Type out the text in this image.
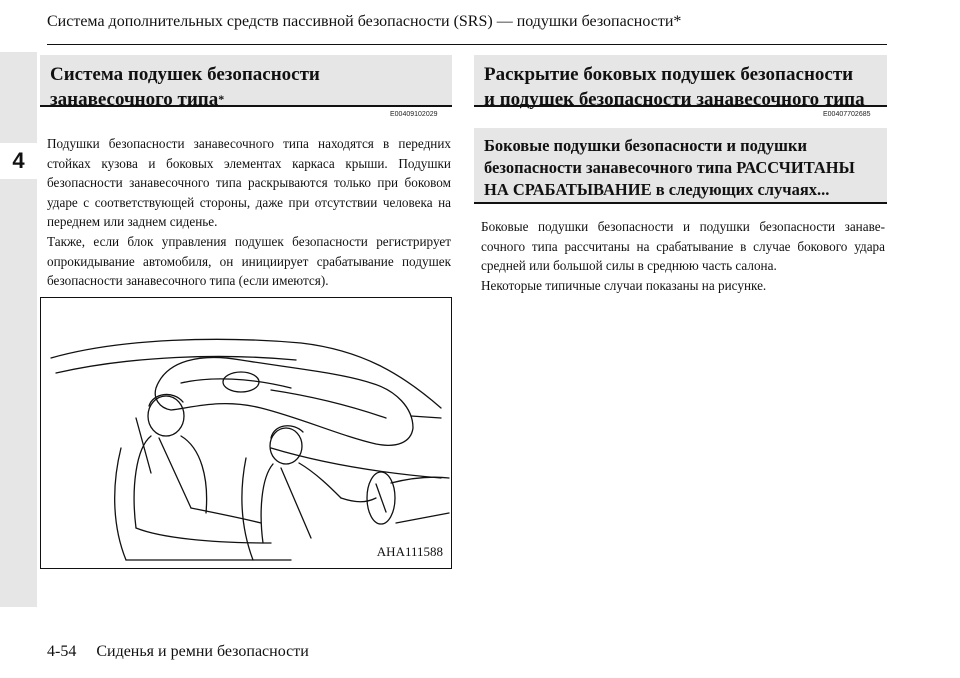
4
Система дополнительных средств пассивной безопасности (SRS) — подушки безопасности*
Система подушек безопасности
занавесочного типа*
E00409102029

Подушки безопасности занавесочного типа находятся в передних стойках кузова и боковых элементах каркаса крыши. Подушки безопасности занавесочного типа раскрываются только при боковом ударе с соответствующей стороны, даже при отсутствии человека на переднем или заднем сиденье.

Также, если блок управления подушек безопасности регистрирует опрокидывание автомобиля, он инициирует срабатывание подушек безопасности занавесочного типа (если имеются).

AHA111588
Раскрытие боковых подушек безопасности
и подушек безопасности занавесочного типа
E00407702685
Боковые подушки безопасности и подушки
безопасности занавесочного типа РАССЧИТАНЫ
НА СРАБАТЫВАНИЕ в следующих случаях...

Боковые подушки безопасности и подушки безопасности занавесочного типа рассчитаны на срабатывание в случае бокового удара средней или большой силы в среднюю часть салона.

Некоторые типичные случаи показаны на рисунке.

4-54 Сиденья и ремни безопасности
